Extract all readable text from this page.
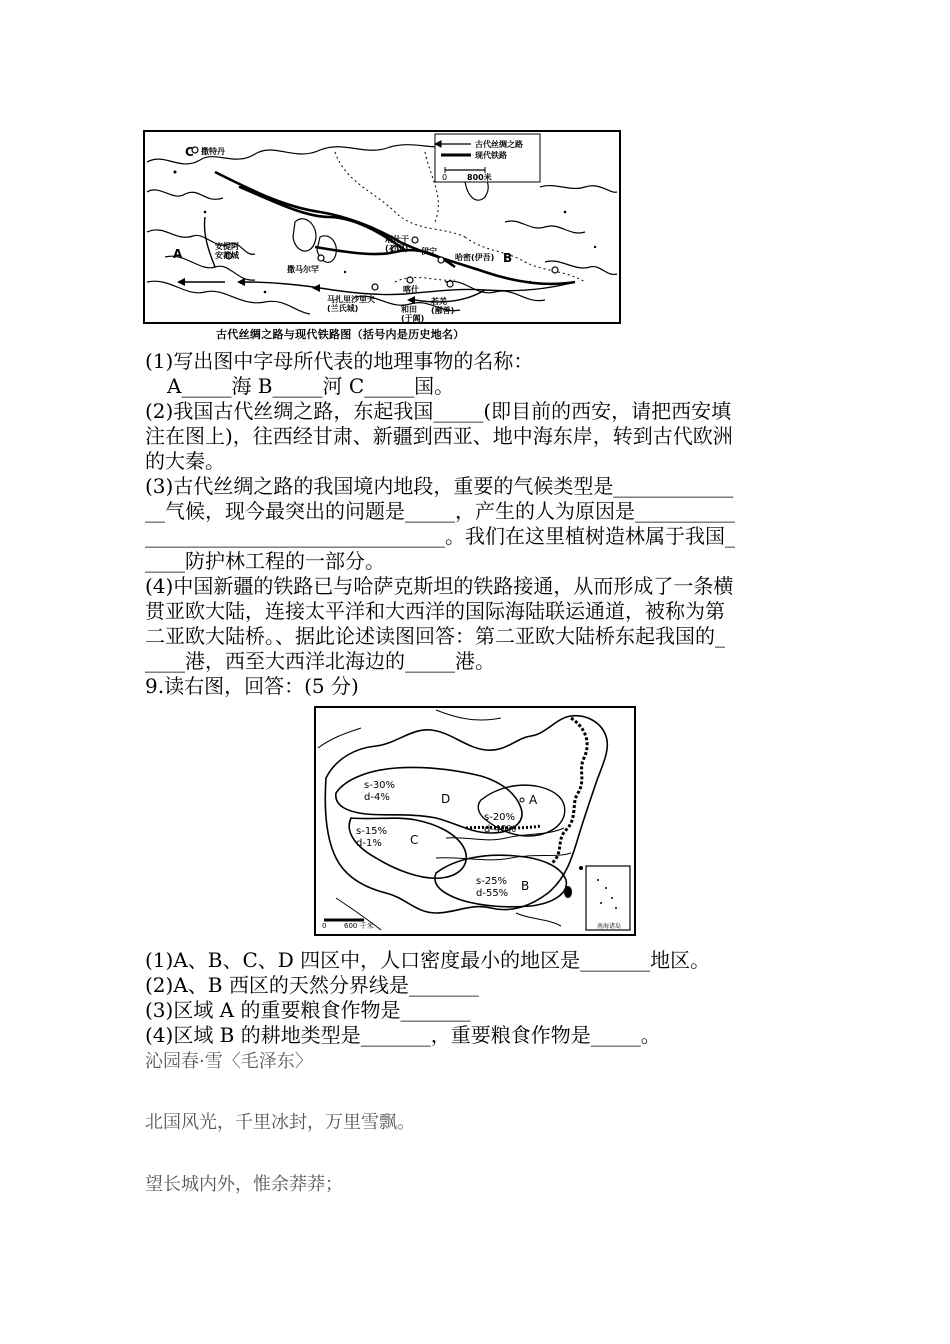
古代丝绸之路
现代铁路
0 800米
C 撒特丹
A	B
安提阿安都城
塔什干(石国) 伊宁
哈密(伊吾)
撒马尔罕
喀什
马扎里沙里夫(兰氏城)	和田(于阗)
若羌(鄯善)
古代丝绸之路与现代铁路图（括号内是历史地名）
(1)写出图中字母所代表的地理事物的名称：
A_____海 B_____河 C_____国。
(2)我国古代丝绸之路，东起我国_____(即目前的西安，请把西安填
注在图上)，往西经甘肃、新疆到西亚、地中海东岸，转到古代欧洲
的大秦。
(3)古代丝绸之路的我国境内地段，重要的气候类型是____________
__气候，现今最突出的问题是_____，产生的人为原因是__________
______________________________。我们在这里植树造林属于我国_
____防护林工程的一部分。
(4)中国新疆的铁路已与哈萨克斯坦的铁路接通，从而形成了一条横
贯亚欧大陆，连接太平洋和大西洋的国际海陆联运通道，被称为第
二亚欧大陆桥。、据此论述读图回答：第二亚欧大陆桥东起我国的_
____港，西至大西洋北海边的_____港。
9.读右图，回答：(5 分)
南海诸岛
0	600 千米
s-30%
d-4%	D
s-15%
d-1% C
A
s-20%
d-40%
s-25%
d-55%
B
(1)A、B、C、D 四区中，人口密度最小的地区是_______地区。
(2)A、B 西区的天然分界线是_______
(3)区域 A 的重要粮食作物是_______
(4)区域 B 的耕地类型是_______，重要粮食作物是_____。
沁园春·雪〈毛泽东〉
北国风光，千里冰封，万里雪飘。
望长城内外，惟余莽莽；
